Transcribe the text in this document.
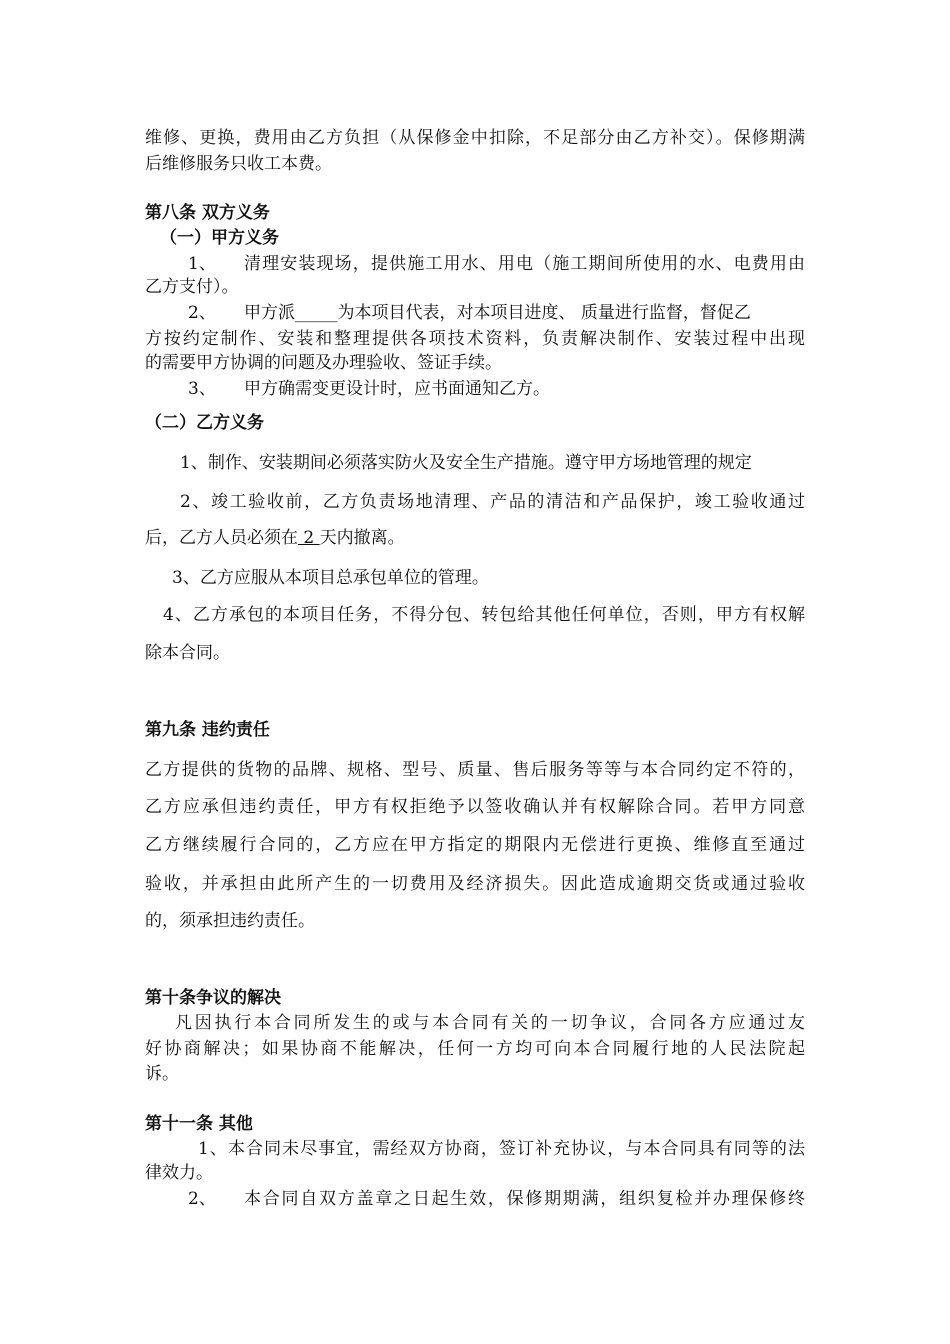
维修、更换，费用由乙方负担（从保修金中扣除，不足部分由乙方补交）。保修期满
后维修服务只收工本费。
第八条 双方义务
（一）甲方义务
1、 清理安装现场，提供施工用水、用电（施工期间所使用的水、电费用由
乙方支付）。
2、 甲方派_____为本项目代表，对本项目进度、 质量进行监督，督促乙
方按约定制作、安装和整理提供各项技术资料，负责解决制作、安装过程中出现
的需要甲方协调的问题及办理验收、签证手续。
3、 甲方确需变更设计时，应书面通知乙方。
（二）乙方义务
1、制作、安装期间必须落实防火及安全生产措施。遵守甲方场地管理的规定
2、竣工验收前，乙方负责场地清理、产品的清洁和产品保护，竣工验收通过
后，乙方人员必须在 2 天内撤离。
3、乙方应服从本项目总承包单位的管理。
4、乙方承包的本项目任务，不得分包、转包给其他任何单位，否则，甲方有权解
除本合同。
第九条 违约责任
乙方提供的货物的品牌、规格、型号、质量、售后服务等等与本合同约定不符的，
乙方应承但违约责任，甲方有权拒绝予以签收确认并有权解除合同。若甲方同意
乙方继续履行合同的，乙方应在甲方指定的期限内无偿进行更换、维修直至通过
验收，并承担由此所产生的一切费用及经济损失。因此造成逾期交货或通过验收
的，须承担违约责任。
第十条争议的解决
凡因执行本合同所发生的或与本合同有关的一切争议，合同各方应通过友
好协商解决；如果协商不能解决，任何一方均可向本合同履行地的人民法院起
诉。
第十一条 其他
1、本合同未尽事宜，需经双方协商，签订补充协议，与本合同具有同等的法
律效力。
2、 本合同自双方盖章之日起生效，保修期期满，组织复检并办理保修终
